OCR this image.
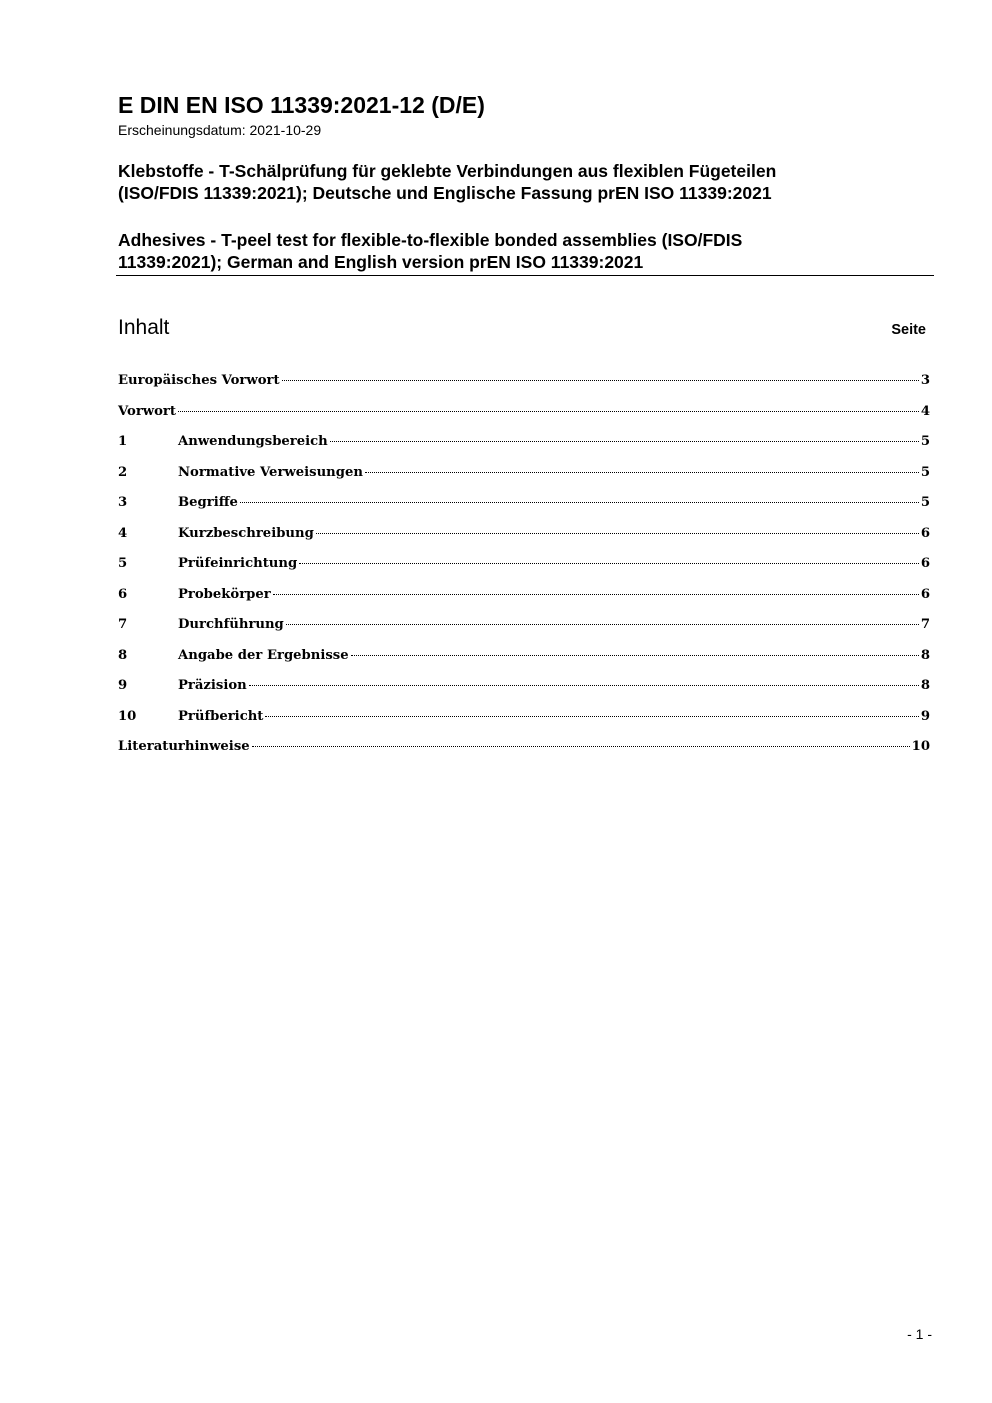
E DIN EN ISO 11339:2021-12 (D/E)
Erscheinungsdatum: 2021-10-29
Klebstoffe - T-Schälprüfung für geklebte Verbindungen aus flexiblen Fügeteilen
(ISO/FDIS 11339:2021); Deutsche und Englische Fassung prEN ISO 11339:2021
Adhesives - T-peel test for flexible-to-flexible bonded assemblies (ISO/FDIS
11339:2021); German and English version prEN ISO 11339:2021
Inhalt	Seite
Europäisches Vorwort	3
Vorwort	4
1	Anwendungsbereich	5
2	Normative Verweisungen	5
3	Begriffe	5
4	Kurzbeschreibung	6
5	Prüfeinrichtung	6
6	Probekörper	6
7	Durchführung	7
8	Angabe der Ergebnisse	8
9	Präzision	8
10	Prüfbericht	9
Literaturhinweise	10
- 1 -
